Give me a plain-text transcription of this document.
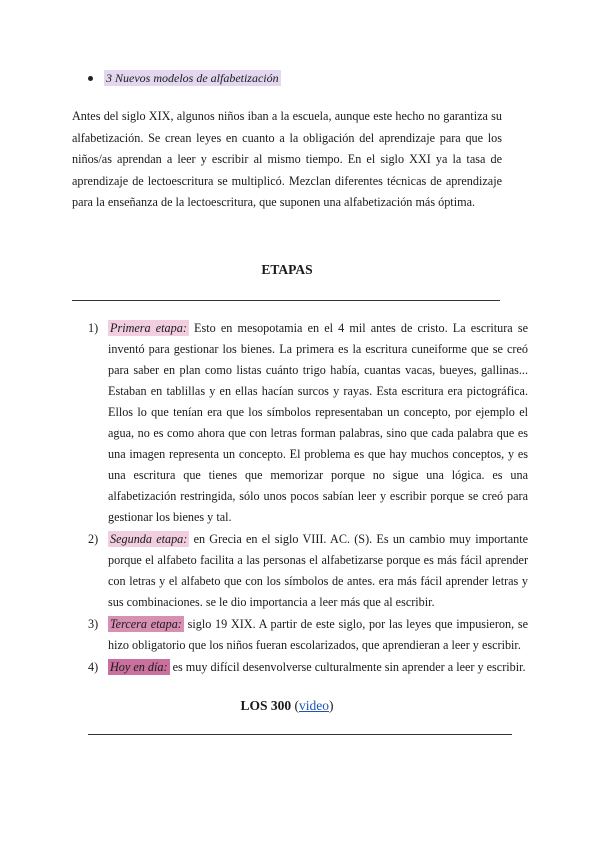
3 Nuevos modelos de alfabetización

Antes del siglo XIX, algunos niños iban a la escuela, aunque este hecho no garantiza su alfabetización. Se crean leyes en cuanto a la obligación del aprendizaje para que los niños/as aprendan a leer y escribir al mismo tiempo. En el siglo XXI ya la tasa de aprendizaje de lectoescritura se multiplicó. Mezclan diferentes técnicas de aprendizaje para la enseñanza de la lectoescritura, que suponen una alfabetización más óptima.

ETAPAS
1) Primera etapa: Esto en mesopotamia en el 4 mil antes de cristo. La escritura se inventó para gestionar los bienes. La primera es la escritura cuneiforme que se creó para saber en plan como listas cuánto trigo había, cuantas vacas, bueyes, gallinas... Estaban en tablillas y en ellas hacían surcos y rayas. Esta escritura era pictográfica. Ellos lo que tenían era que los símbolos representaban un concepto, por ejemplo el agua, no es como ahora que con letras forman palabras, sino que cada palabra que es una imagen representa un concepto. El problema es que hay muchos conceptos, y es una escritura que tienes que memorizar porque no sigue una lógica. es una alfabetización restringida, sólo unos pocos sabían leer y escribir porque se creó para gestionar los bienes y tal.
2) Segunda etapa: en Grecia en el siglo VIII. AC. (S). Es un cambio muy importante porque el alfabeto facilita a las personas el alfabetizarse porque es más fácil aprender con letras y el alfabeto que con los símbolos de antes. era más fácil aprender letras y sus combinaciones. se le dio importancia a leer más que al escribir.
3) Tercera etapa: siglo 19 XIX. A partir de este siglo, por las leyes que impusieron, se hizo obligatorio que los niños fueran escolarizados, que aprendieran a leer y escribir.
4) Hoy en día: es muy difícil desenvolverse culturalmente sin aprender a leer y escribir.
LOS 300 (video)
